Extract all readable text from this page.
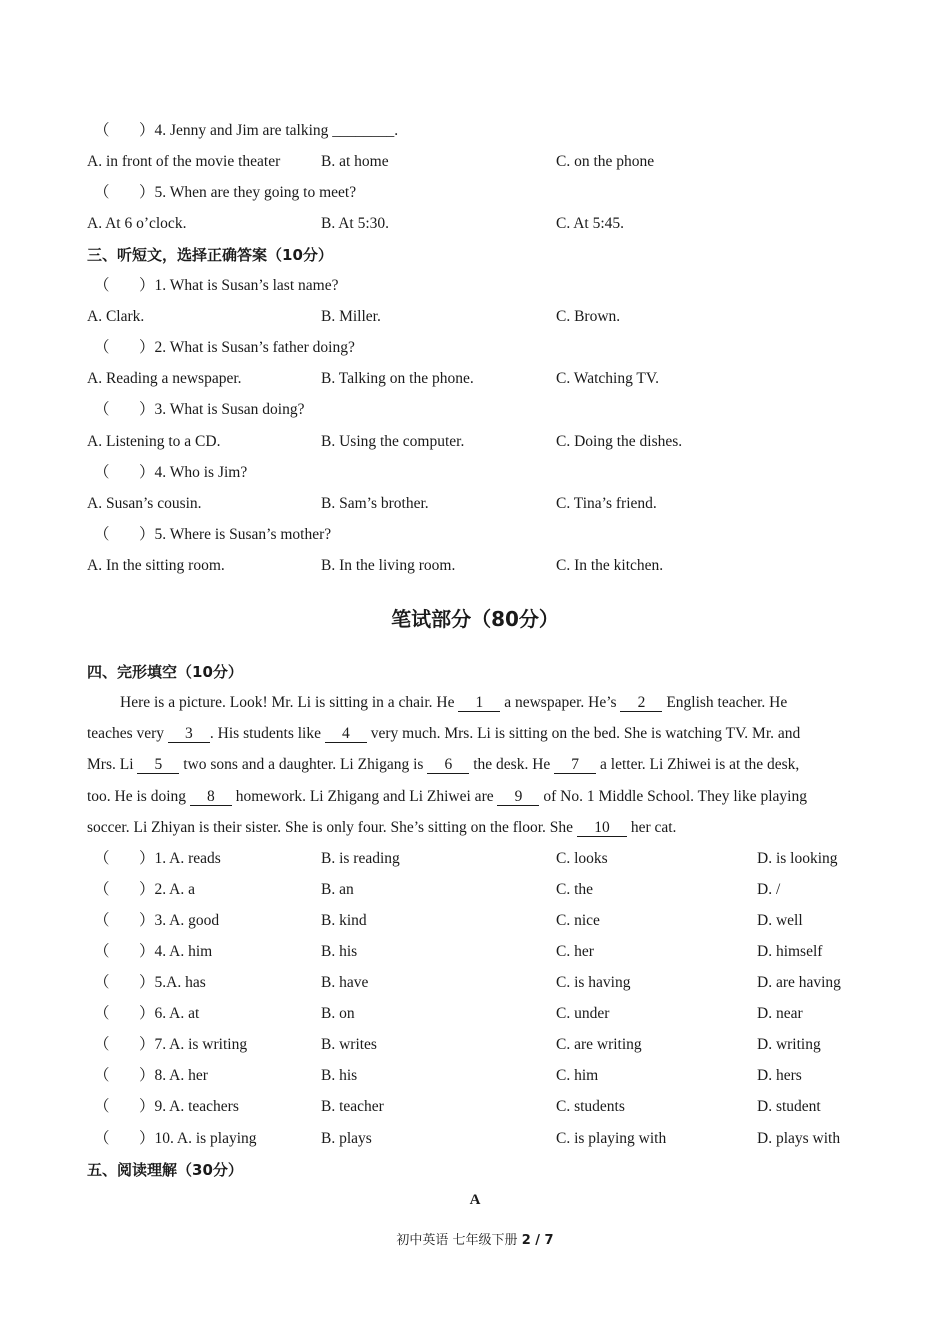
（ ）4. Jenny and Jim are talking ________.
A. in front of the movie theater	B. at home	C. on the phone
（ ）5. When are they going to meet?
A. At 6 o’clock.	B. At 5:30.	C. At 5:45.
三、听短文，选择正确答案（10分）
（ ）1. What is Susan’s last name?
A. Clark.	B. Miller.	C. Brown.
（ ）2. What is Susan’s father doing?
A. Reading a newspaper.	B. Talking on the phone.	C. Watching TV.
（ ）3. What is Susan doing?
A. Listening to a CD.	B. Using the computer.	C. Doing the dishes.
（ ）4. Who is Jim?
A. Susan’s cousin.	B. Sam’s brother.	C. Tina’s friend.
（ ）5. Where is Susan’s mother?
A. In the sitting room.	B. In the living room.	C. In the kitchen.
笔试部分（80分）
四、完形填空（10分）
Here is a picture. Look! Mr. Li is sitting in a chair. He 1 a newspaper. He’s 2 English teacher. He
teaches very 3 . His students like 4 very much. Mrs. Li is sitting on the bed. She is watching TV. Mr. and
Mrs. Li 5 two sons and a daughter. Li Zhigang is 6 the desk. He 7 a letter. Li Zhiwei is at the desk,
too. He is doing 8 homework. Li Zhigang and Li Zhiwei are 9 of No. 1 Middle School. They like playing
soccer. Li Zhiyan is their sister. She is only four. She’s sitting on the floor. She 10 her cat.
（ ）1. A. reads	B. is reading	C. looks	D. is looking
（ ）2. A. a	B. an	C. the	D. /
（ ）3. A. good	B. kind	C. nice	D. well
（ ）4. A. him	B. his	C. her	D. himself
（ ）5.A. has	B. have	C. is having	D. are having
（ ）6. A. at	B. on	C. under	D. near
（ ）7. A. is writing	B. writes	C. are writing	D. writing
（ ）8. A. her	B. his	C. him	D. hers
（ ）9. A. teachers	B. teacher	C. students	D. student
（ ）10. A. is playing	B. plays	C. is playing with	D. plays with
五、阅读理解（30分）
A
初中英语 七年级下册 2 / 7
